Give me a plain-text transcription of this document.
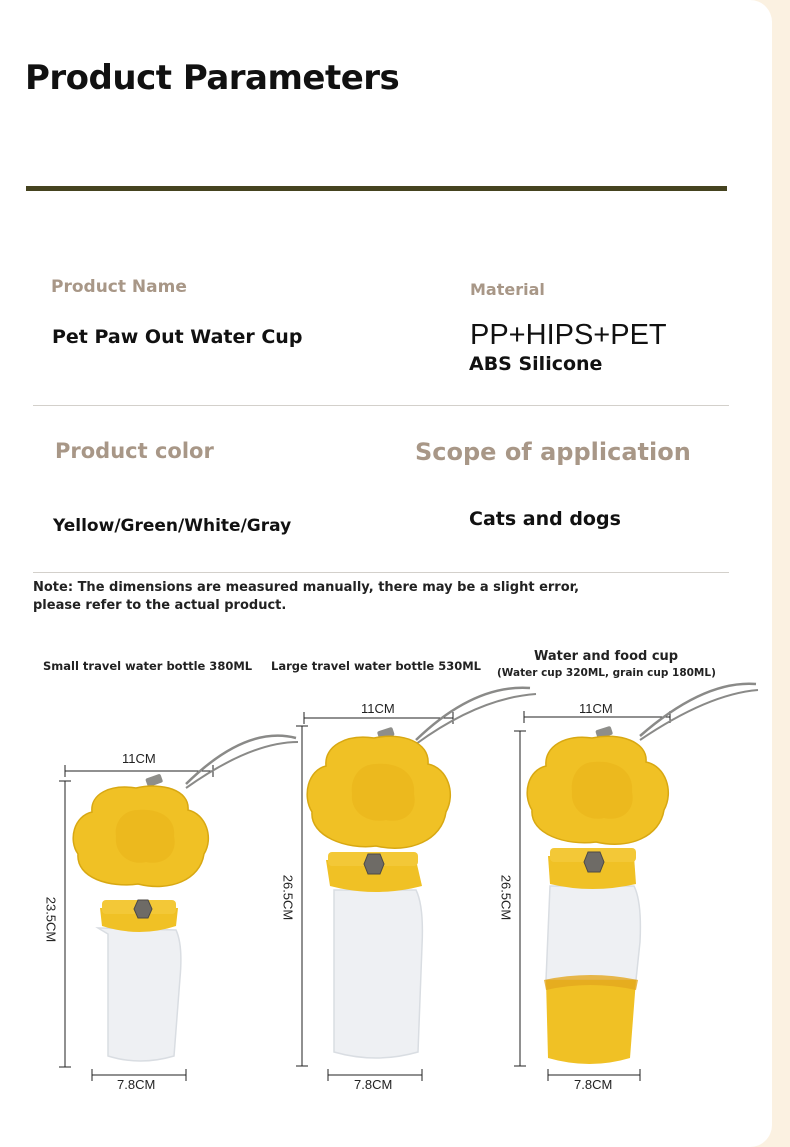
Product Parameters
Product Name
Pet Paw Out Water Cup
Material
PP+HIPS+PET
ABS Silicone
Product color	Scope of application
Yellow/Green/White/Gray	Cats and dogs
Note: The dimensions are measured manually, there may be a slight error,
please refer to the actual product.
Small travel water bottle 380ML Large travel water bottle 530ML
Water and food cup
(Water cup 320ML, grain cup 180ML)
11CM
23.5CM
7.8CM
11CM
26.5CM
7.8CM
11CM
26.5CM
7.8CM
